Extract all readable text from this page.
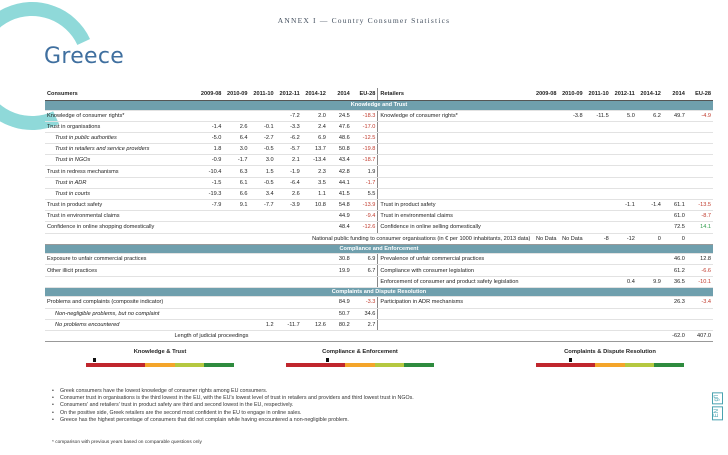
ANNEX I — Country Consumer Statistics
Greece
Consumers	2009-08	2010-09	2011-10	2012-11	2014-12	2014	EU-28	Retailers	2009-08	2010-09	2011-10	2012-11	2014-12	2014	EU-28
Knowledge and Trust															
Knowledge of consumer rights*				-7.2	2.0	24.5	-18.3	Knowledge of consumer rights*		-3.8	-11.5	5.0	6.2	49.7	-4.9
Trust in organisations	-1.4	2.6	-0.1	-3.3	2.4	47.6	-17.0								
Trust in public authorities	-5.0	6.4	-2.7	-6.2	6.9	48.6	-12.5								
Trust in retailers and service providers	1.8	3.0	-0.5	-5.7	13.7	50.8	-19.8								
Trust in NGOs	-0.9	-1.7	3.0	2.1	-13.4	43.4	-18.7								
Trust in redress mechanisms	-10.4	6.3	1.5	-1.9	2.3	42.8	1.9								
Trust in ADR	-1.5	6.1	-0.5	-6.4	3.5	44.1	-1.7								
Trust in courts	-19.3	6.6	3.4	2.6	1.1	41.5	5.5								
Trust in product safety	-7.9	9.1	-7.7	-3.9	10.8	54.8	-13.9	Trust in product safety				-1.1	-1.4	61.1	-13.5
Trust in environmental claims						44.9	-9.4	Trust in environmental claims						61.0	-8.7
Confidence in online shopping domestically						48.4	-12.6	Confidence in online selling domestically						72.5	14.1
National public funding to consumer organisations (in € per 1000 inhabitants, 2013 data)									No Data	No Data	-8	-12	0	0	
Compliance and Enforcement															
Exposure to unfair commercial practices						30.8	6.9	Prevalence of unfair commercial practices						46.0	12.8
Other illicit practices						19.9	6.7	Compliance with consumer legislation						61.2	-6.6
								Enforcement of consumer and product safety legislation				0.4	9.9	36.5	-10.1
Complaints and Dispute Resolution															
Problems and complaints (composite indicator)						84.9	-3.3	Participation in ADR mechanisms						26.3	-3.4
Non-negligible problems, but no complaint						50.7	34.6								
No problems encountered			1.2	-11.7	12.6	80.2	2.7								
Length of judicial proceedings														-62.0	407.0
Knowledge & Trust	Compliance & Enforcement	Complaints & Dispute Resolution
• Greek consumers have the lowest knowledge of consumer rights among EU consumers.
• Consumer trust in organisations is the third lowest in the EU, with the EU's lowest level of trust in retailers and providers and third lowest trust in NGOs.
• Consumers' and retailers' trust in product safety are third and second lowest in the EU, respectively.
• On the positive side, Greek retailers are the second most confident in the EU to engage in online sales.
• Greece has the highest percentage of consumers that did not complain while having encountered a non-negligible problem.
* comparison with previous years based on comparable questions only
gfl
EN
